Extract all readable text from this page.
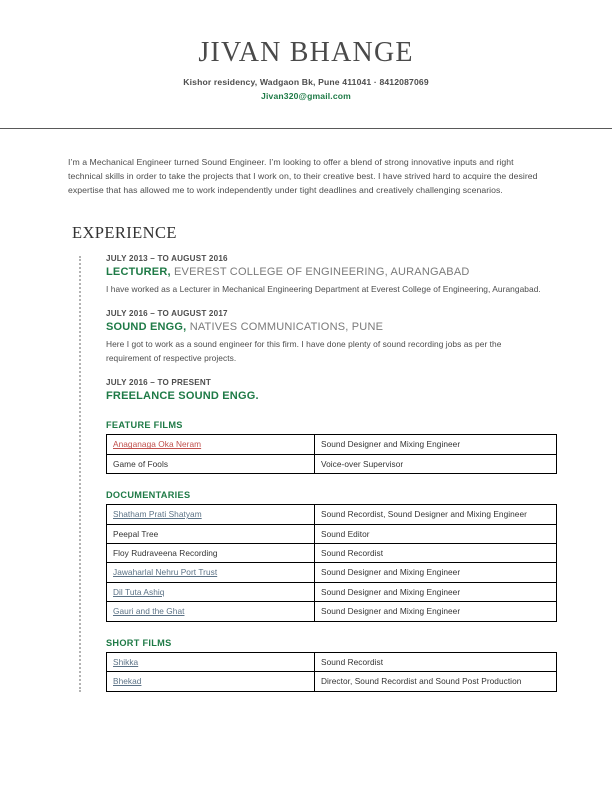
JIVAN BHANGE
Kishor residency, Wadgaon Bk, Pune 411041 · 8412087069
Jivan320@gmail.com
I’m a Mechanical Engineer turned Sound Engineer. I’m looking to offer a blend of strong innovative inputs and right technical skills in order to take the projects that I work on, to their creative best. I have strived hard to acquire the desired expertise that has allowed me to work independently under tight deadlines and creatively challenging scenarios.
EXPERIENCE
JULY 2013 – TO AUGUST 2016
LECTURER, EVEREST COLLEGE OF ENGINEERING, AURANGABAD
I have worked as a Lecturer in Mechanical Engineering Department at Everest College of Engineering, Aurangabad.
JULY 2016 – TO AUGUST 2017
SOUND ENGG, NATIVES COMMUNICATIONS, PUNE
Here I got to work as a sound engineer for this firm. I have done plenty of sound recording jobs as per the requirement of respective projects.
JULY 2016 – TO PRESENT
FREELANCE SOUND ENGG.
FEATURE FILMS
Anaganaga Oka Neram	Sound Designer and Mixing Engineer
Game of Fools	Voice-over Supervisor
DOCUMENTARIES
Shatham Prati Shatyam	Sound Recordist, Sound Designer and Mixing Engineer
Peepal Tree	Sound Editor
Floy Rudraveena Recording	Sound Recordist
Jawaharlal Nehru Port Trust	Sound Designer and Mixing Engineer
Dil Tuta Ashiq	Sound Designer and Mixing Engineer
Gauri and the Ghat	Sound Designer and Mixing Engineer
SHORT FILMS
Shikka	Sound Recordist
Bhekad	Director, Sound Recordist and Sound Post Production
